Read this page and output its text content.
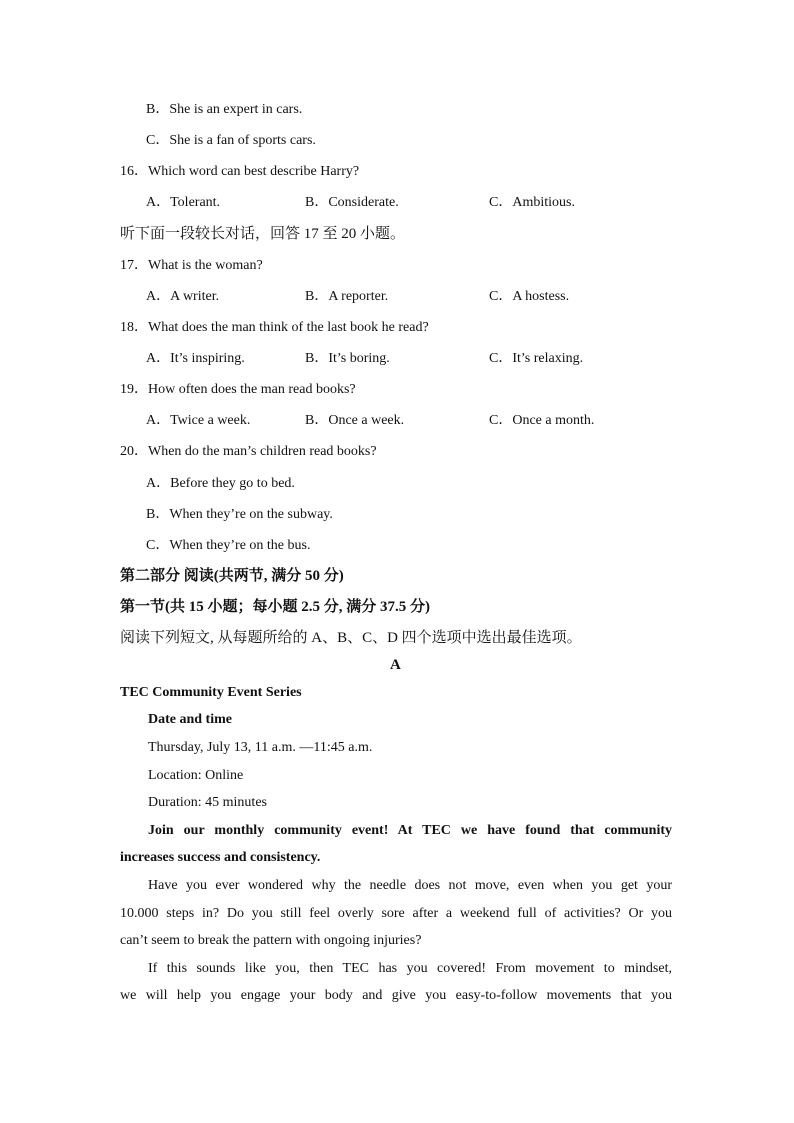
B．She is an expert in cars.
C．She is a fan of sports cars.
16．Which word can best describe Harry?
A．Tolerant.	B．Considerate.	C．Ambitious.
听下面一段较长对话，回答 17 至 20 小题。
17．What is the woman?
A．A writer.	B．A reporter.	C．A hostess.
18．What does the man think of the last book he read?
A．It’s inspiring.	B．It’s boring.	C．It’s relaxing.
19．How often does the man read books?
A．Twice a week.	B．Once a week.	C．Once a month.
20．When do the man’s children read books?
A．Before they go to bed.
B．When they’re on the subway.
C．When they’re on the bus.
第二部分 阅读(共两节, 满分 50 分)
第一节(共 15 小题；每小题 2.5 分, 满分 37.5 分)
阅读下列短文, 从每题所给的 A、B、C、D 四个选项中选出最佳选项。
A
TEC Community Event Series
Date and time
Thursday, July 13, 11 a.m. —11:45 a.m.
Location: Online
Duration: 45 minutes
Join our monthly community event! At TEC we have found that community
increases success and consistency.
Have you ever wondered why the needle does not move, even when you get your
10.000 steps in? Do you still feel overly sore after a weekend full of activities? Or you
can’t seem to break the pattern with ongoing injuries?
If this sounds like you, then TEC has you covered! From movement to mindset,
we will help you engage your body and give you easy-to-follow movements that you
